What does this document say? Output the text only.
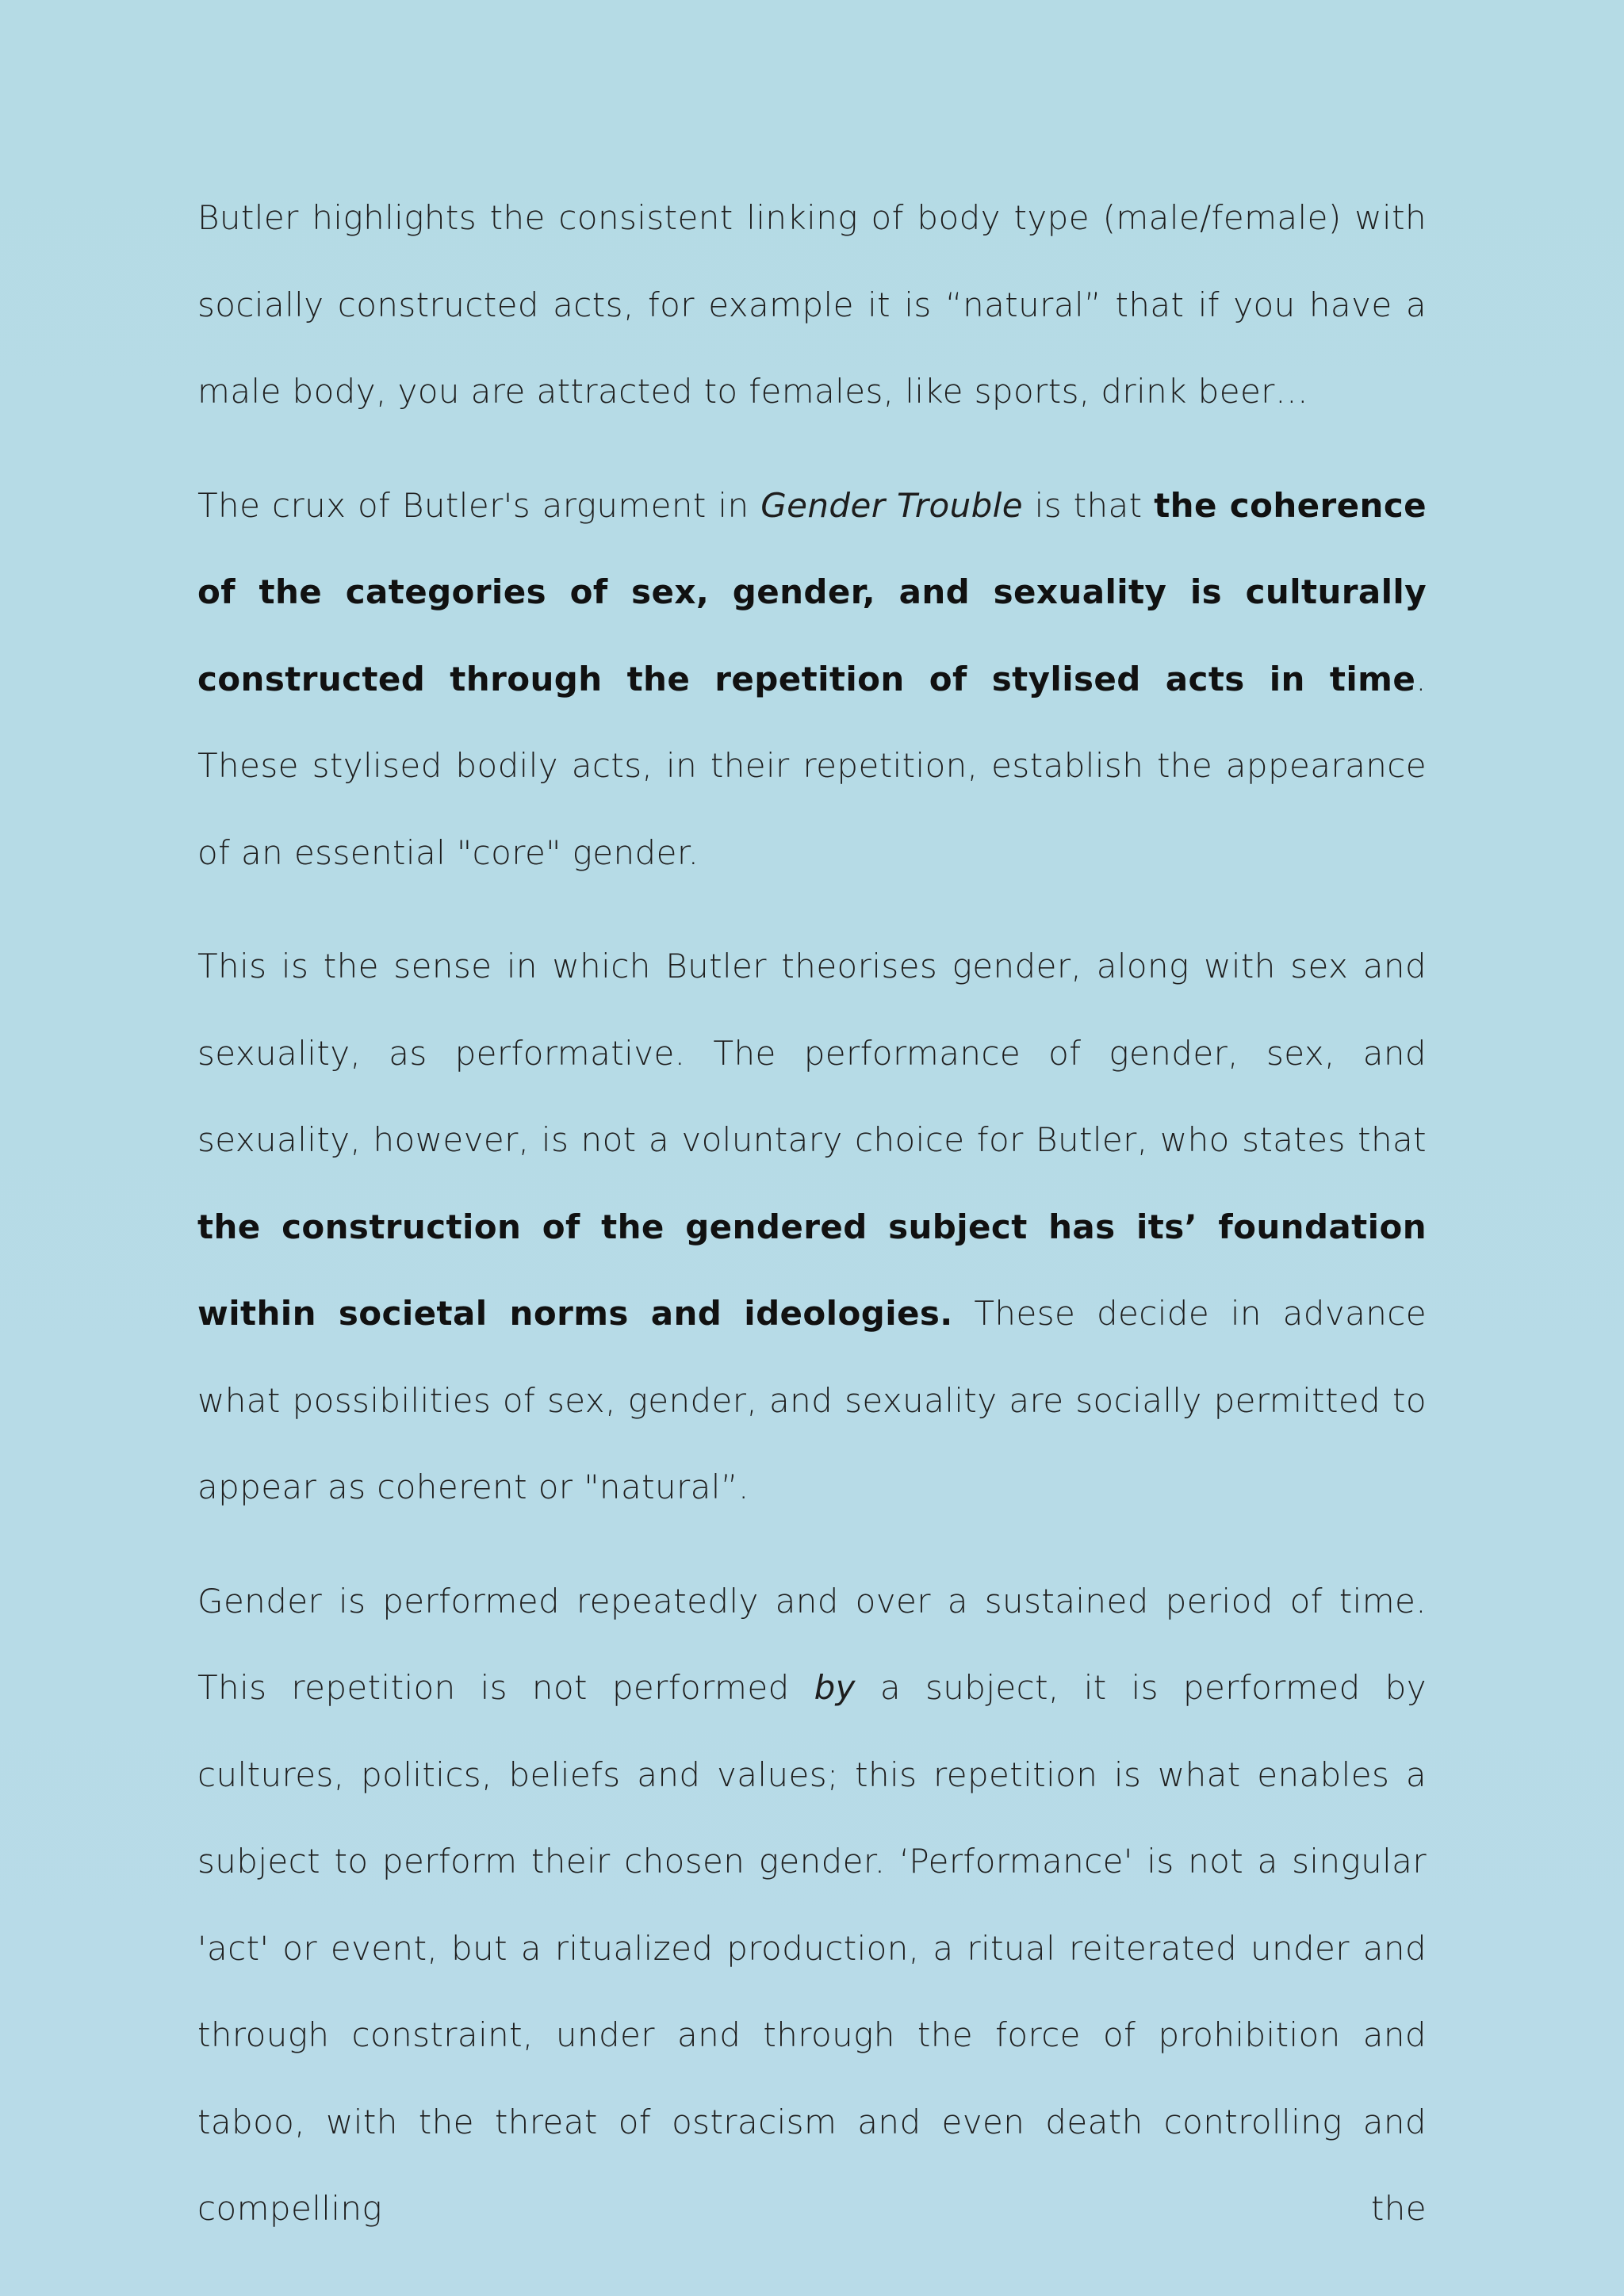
Butler highlights the consistent linking of body type (male/female) with socially constructed acts, for example it is “natural” that if you have a male body, you are attracted to females, like sports, drink beer…

The crux of Butler's argument in Gender Trouble is that the coherence of the categories of sex, gender, and sexuality is culturally constructed through the repetition of stylised acts in time. These stylised bodily acts, in their repetition, establish the appearance of an essential "core" gender.

This is the sense in which Butler theorises gender, along with sex and sexuality, as performative. The performance of gender, sex, and sexuality, however, is not a voluntary choice for Butler, who states that the construction of the gendered subject has its’ foundation within societal norms and ideologies. These decide in advance what possibilities of sex, gender, and sexuality are socially permitted to appear as coherent or "natural”.

Gender is performed repeatedly and over a sustained period of time. This repetition is not performed by a subject, it is performed by cultures, politics, beliefs and values; this repetition is what enables a subject to perform their chosen gender. ‘Performance' is not a singular 'act' or event, but a ritualized production, a ritual reiterated under and through constraint, under and through the force of prohibition and taboo, with the threat of ostracism and even death controlling and compelling the
